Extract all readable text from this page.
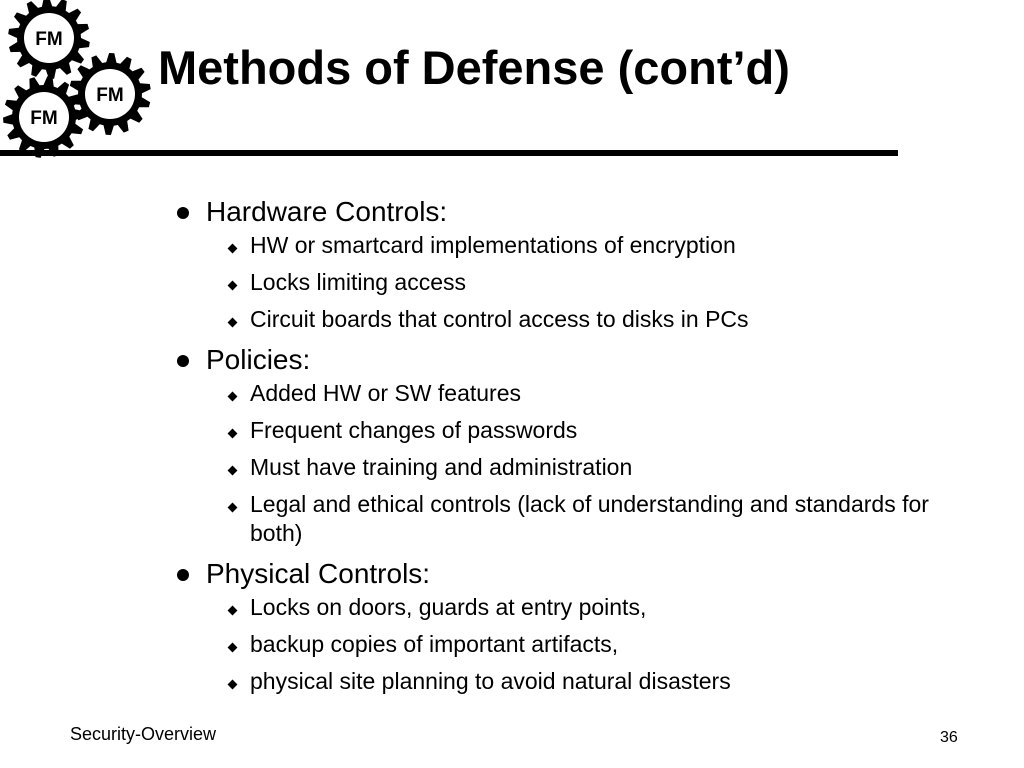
FM
FM
FM
Methods of Defense (cont’d)
Hardware Controls:
HW or smartcard implementations of encryption
Locks limiting access
Circuit boards that control access to disks in PCs
Policies:
Added HW or SW features
Frequent changes of passwords
Must have training and administration
Legal and ethical controls (lack of understanding and standards for both)
Physical Controls:
Locks on doors, guards at entry points,
backup copies of important artifacts,
physical site planning to avoid natural disasters
Security-Overview	36
